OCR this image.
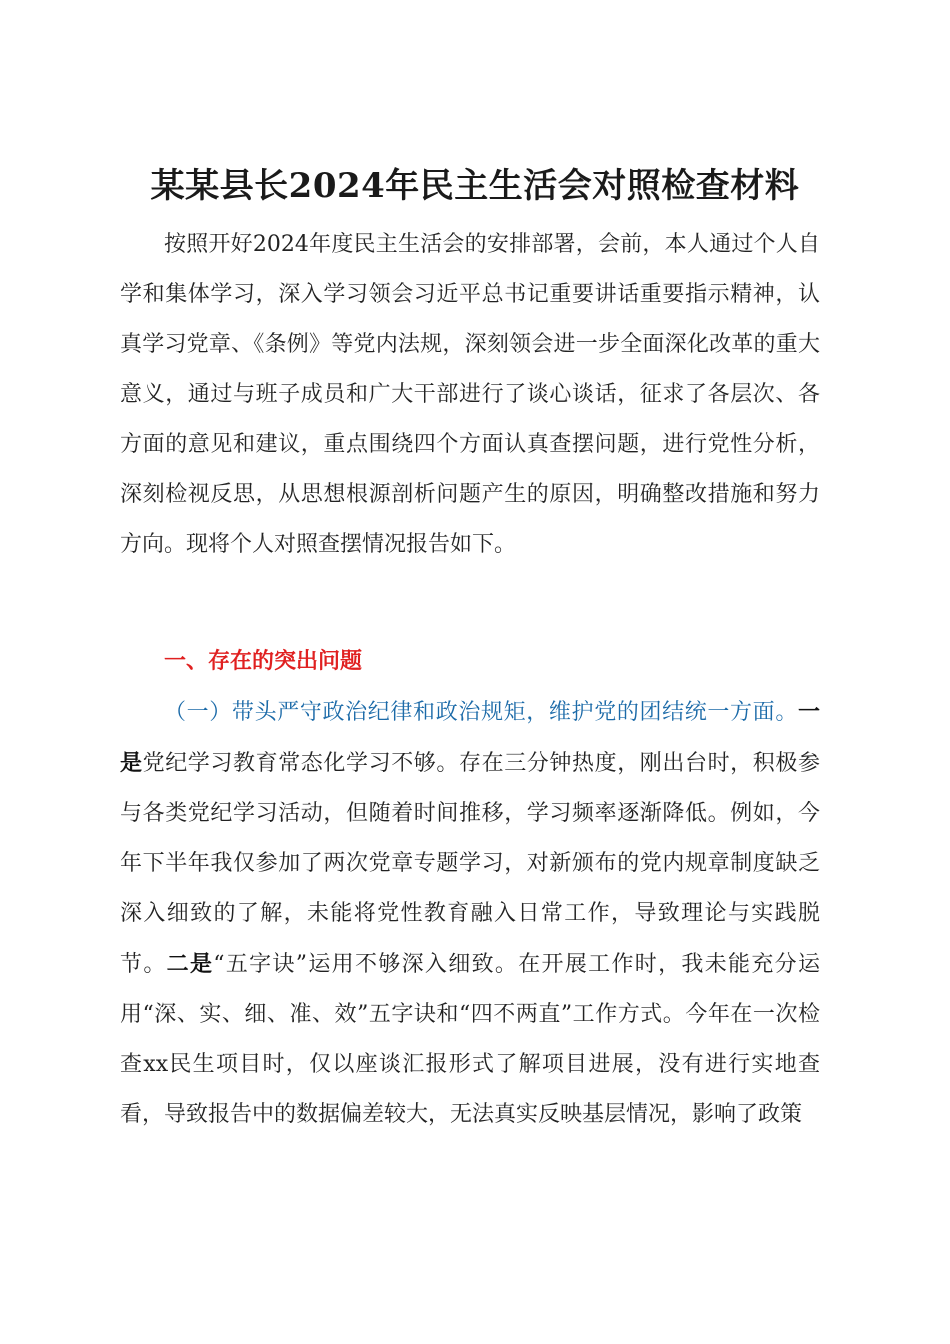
某某县长2024年民主生活会对照检查材料

按照开好2024年度民主生活会的安排部署，会前，本人通过个人自学和集体学习，深入学习领会习近平总书记重要讲话重要指示精神，认真学习党章、《条例》等党内法规，深刻领会进一步全面深化改革的重大意义，通过与班子成员和广大干部进行了谈心谈话，征求了各层次、各方面的意见和建议，重点围绕四个方面认真查摆问题，进行党性分析，深刻检视反思，从思想根源剖析问题产生的原因，明确整改措施和努力方向。现将个人对照查摆情况报告如下。

一、存在的突出问题

（一）带头严守政治纪律和政治规矩，维护党的团结统一方面。一是党纪学习教育常态化学习不够。存在三分钟热度，刚出台时，积极参与各类党纪学习活动，但随着时间推移，学习频率逐渐降低。例如，今年下半年我仅参加了两次党章专题学习，对新颁布的党内规章制度缺乏深入细致的了解，未能将党性教育融入日常工作，导致理论与实践脱节。二是“五字诀”运用不够深入细致。在开展工作时，我未能充分运用“深、实、细、准、效”五字诀和“四不两直”工作方式。今年在一次检查xx民生项目时，仅以座谈汇报形式了解项目进展，没有进行实地查看，导致报告中的数据偏差较大，无法真实反映基层情况，影响了政策
